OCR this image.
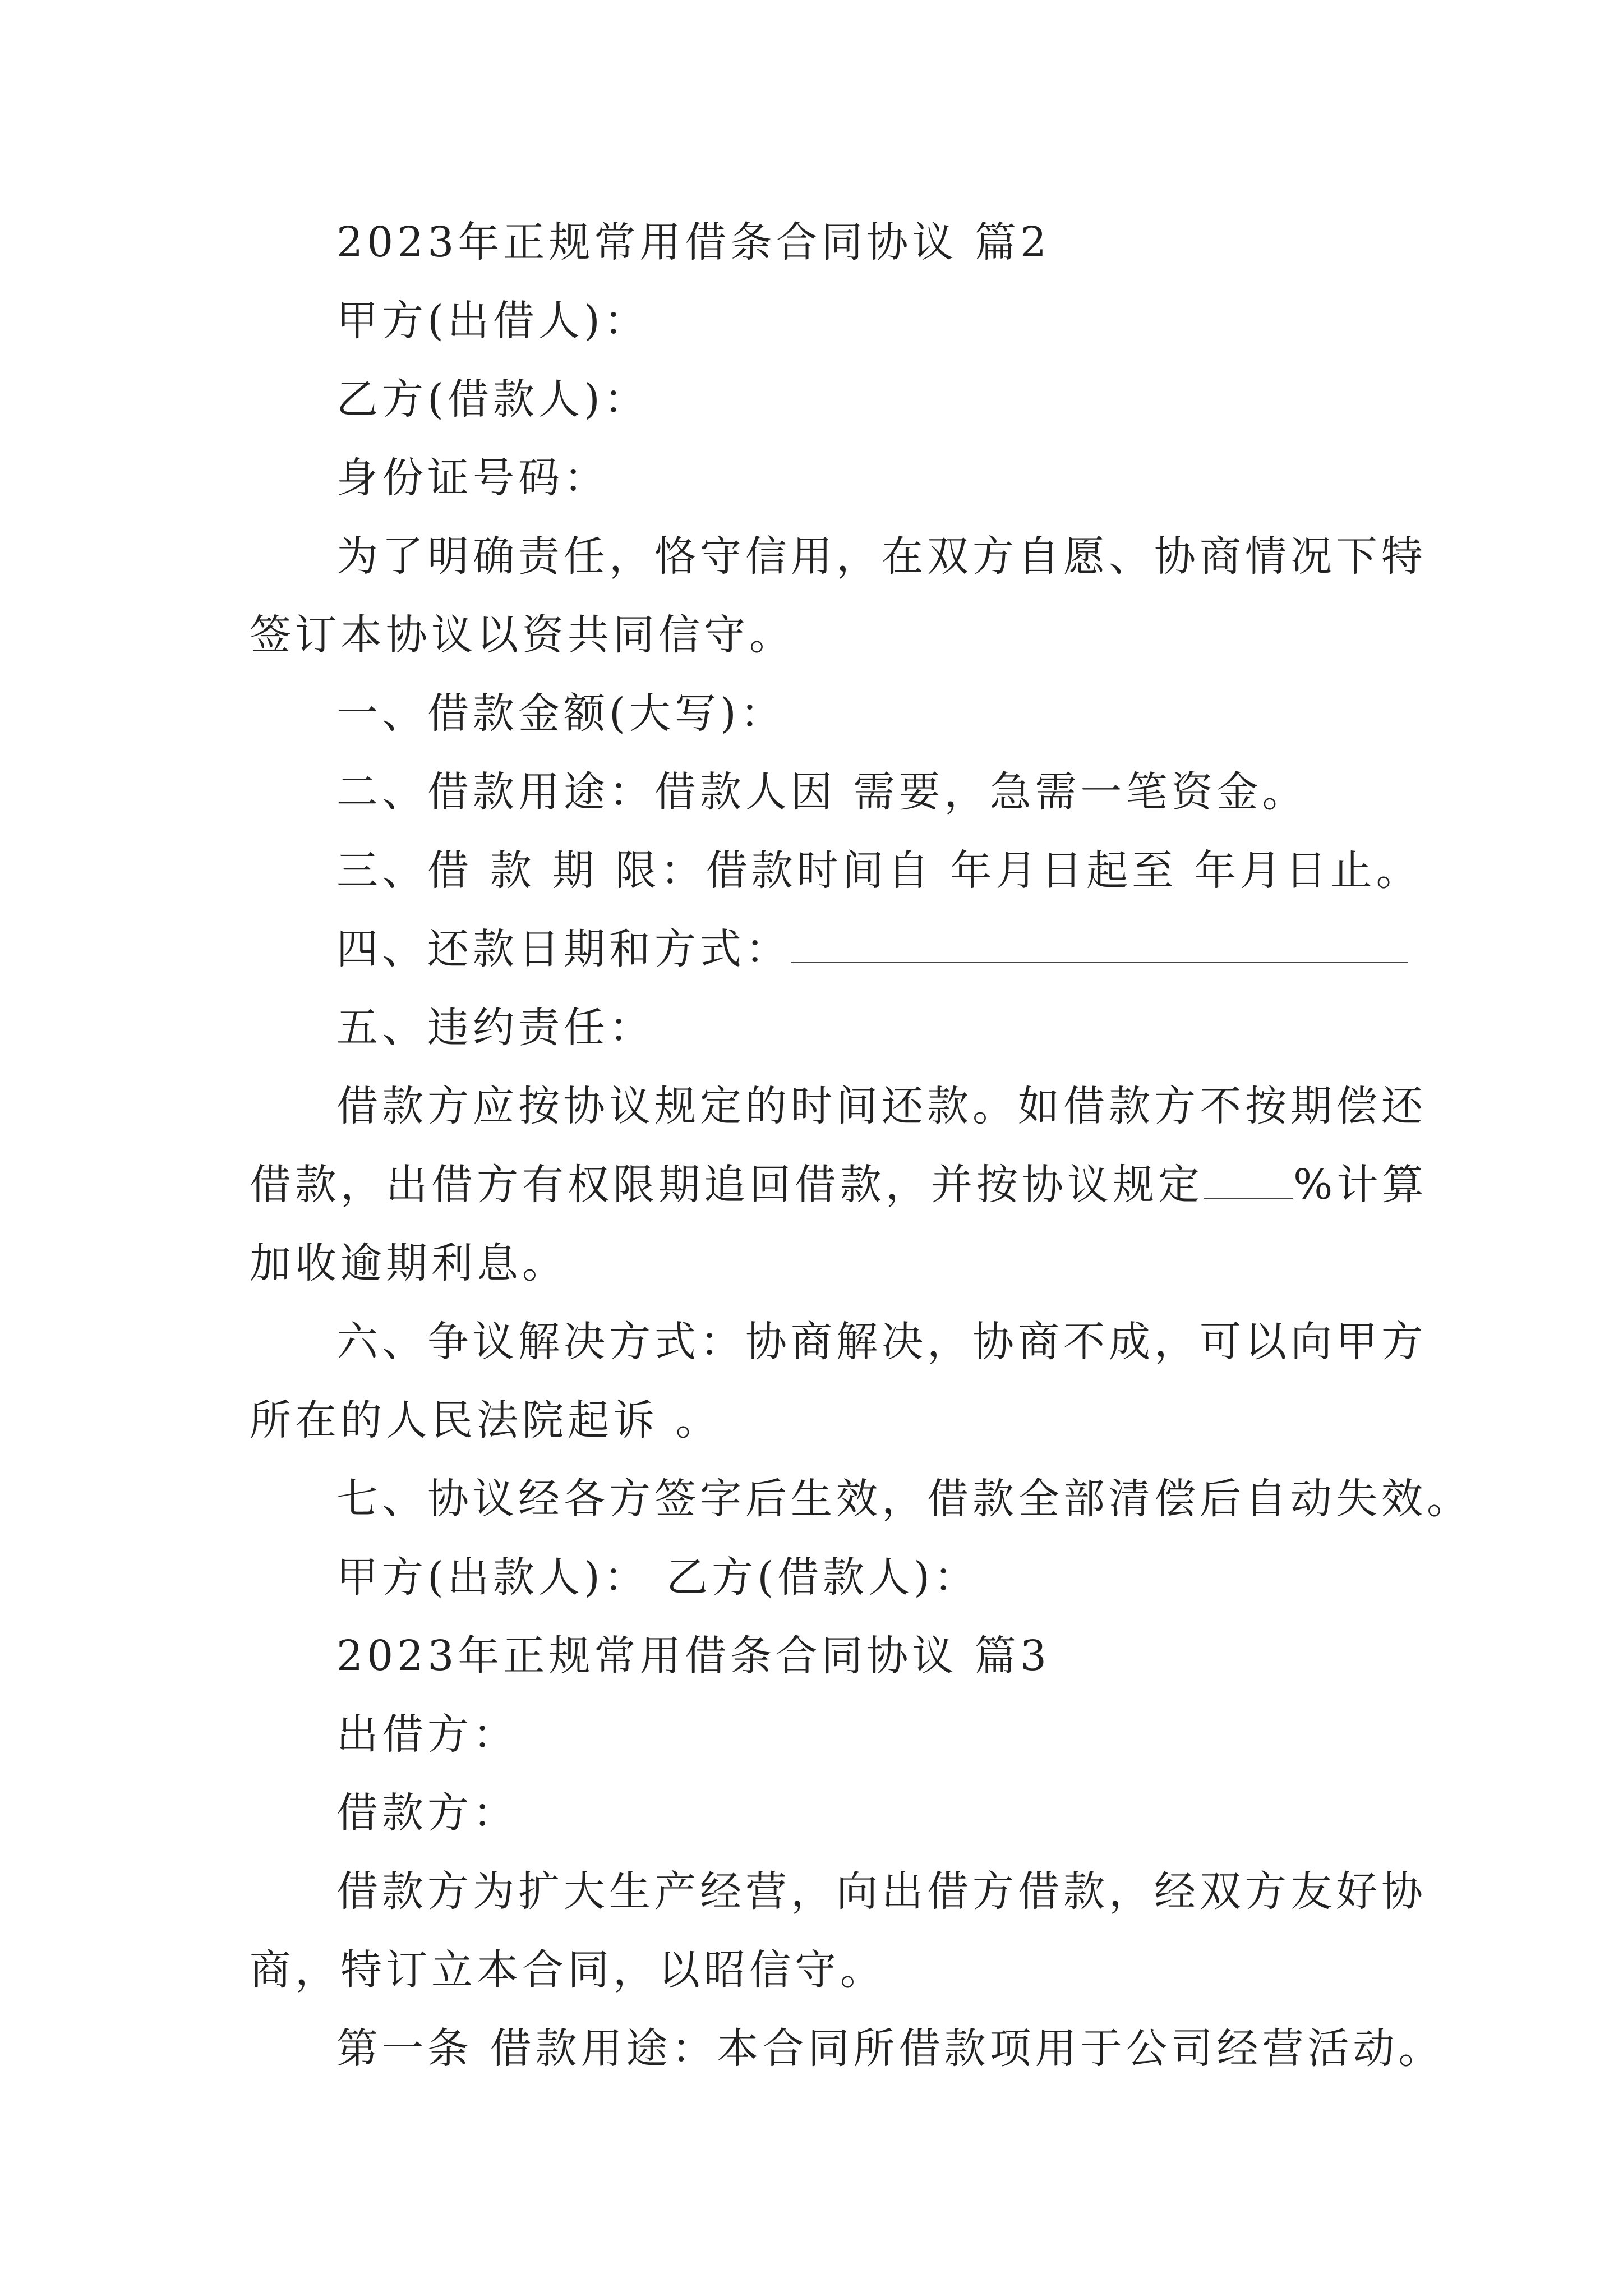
2023年正规常用借条合同协议 篇2
甲方(出借人)：
乙方(借款人)：
身份证号码：
为了明确责任，恪守信用，在双方自愿、协商情况下特
签订本协议以资共同信守。
一、借款金额(大写)：
二、借款用途：借款人因 需要，急需一笔资金。
三、借 款 期 限：借款时间自 年月日起至 年月日止。
四、还款日期和方式：
五、违约责任：
借款方应按协议规定的时间还款。如借款方不按期偿还
借款，出借方有权限期追回借款，并按协议规定 %计算
加收逾期利息。
六、争议解决方式：协商解决，协商不成，可以向甲方
所在的人民法院起诉 。
七、协议经各方签字后生效，借款全部清偿后自动失效。
甲方(出款人)： 乙方(借款人)：
2023年正规常用借条合同协议 篇3
出借方：
借款方：
借款方为扩大生产经营，向出借方借款，经双方友好协
商，特订立本合同，以昭信守。
第一条 借款用途：本合同所借款项用于公司经营活动。
